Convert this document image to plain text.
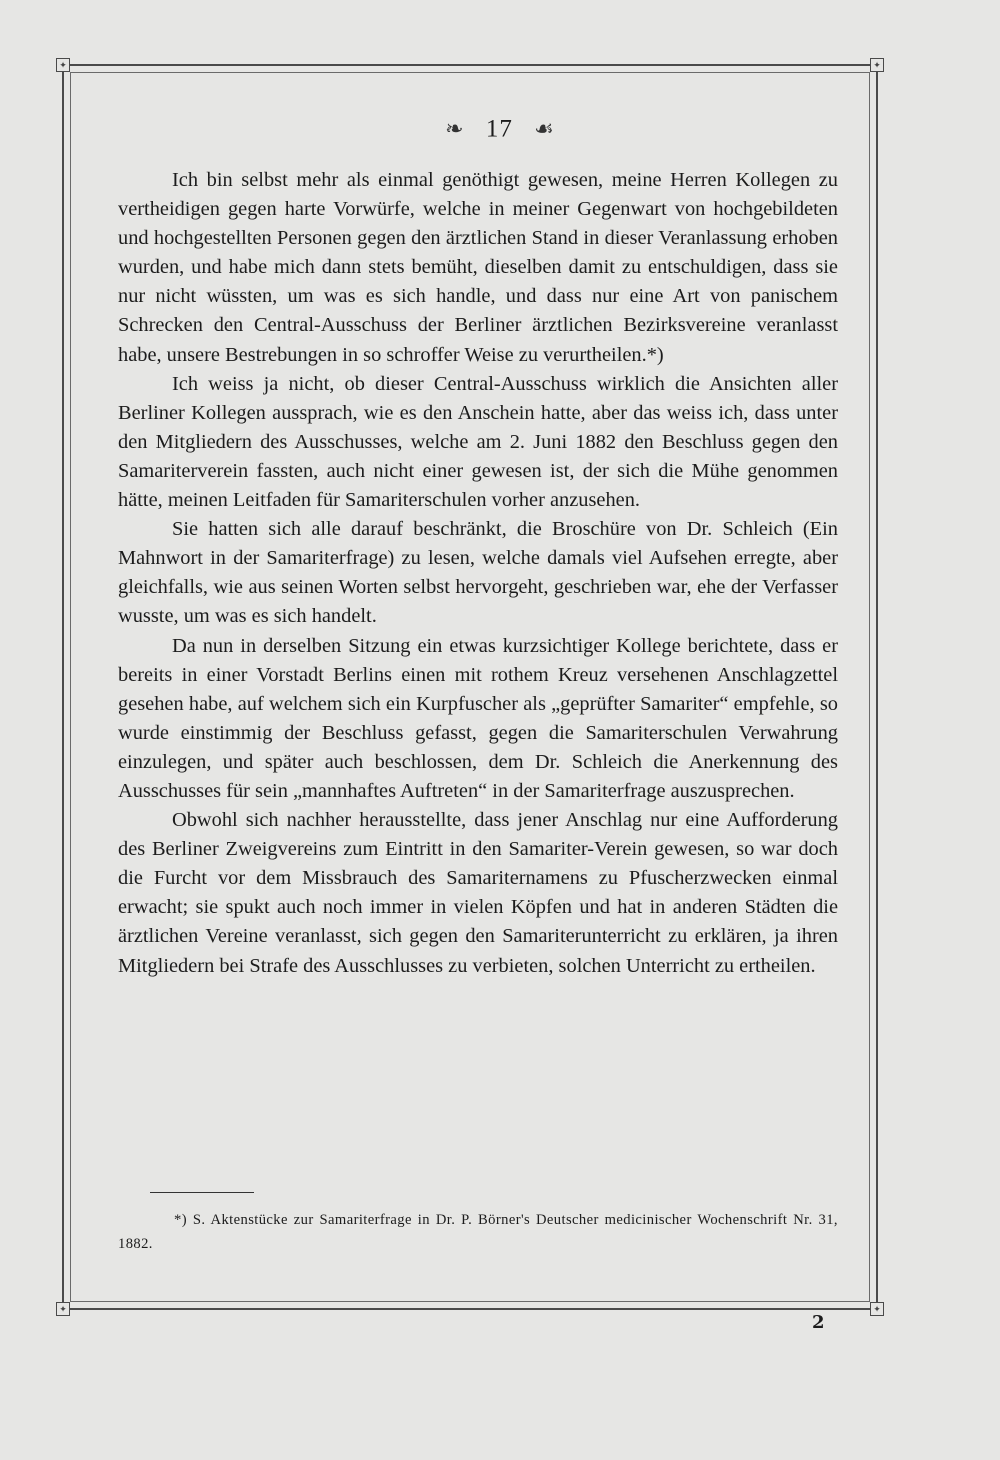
✦	✦
✦	✦
❧ 17 ☙

Ich bin selbst mehr als einmal genöthigt gewesen, meine Herren Kollegen zu vertheidigen gegen harte Vorwürfe, welche in meiner Gegenwart von hochgebildeten und hochgestellten Personen gegen den ärztlichen Stand in dieser Veranlassung erhoben wurden, und habe mich dann stets bemüht, dieselben damit zu entschuldigen, dass sie nur nicht wüssten, um was es sich handle, und dass nur eine Art von panischem Schrecken den Central-Ausschuss der Berliner ärztlichen Bezirksvereine veranlasst habe, unsere Bestrebungen in so schroffer Weise zu verurtheilen.*)

Ich weiss ja nicht, ob dieser Central-Ausschuss wirklich die Ansichten aller Berliner Kollegen aussprach, wie es den Anschein hatte, aber das weiss ich, dass unter den Mitgliedern des Ausschusses, welche am 2. Juni 1882 den Beschluss gegen den Samariterverein fassten, auch nicht einer gewesen ist, der sich die Mühe genommen hätte, meinen Leitfaden für Samariterschulen vorher anzusehen.

Sie hatten sich alle darauf beschränkt, die Broschüre von Dr. Schleich (Ein Mahnwort in der Samariterfrage) zu lesen, welche damals viel Aufsehen erregte, aber gleichfalls, wie aus seinen Worten selbst hervorgeht, geschrieben war, ehe der Verfasser wusste, um was es sich handelt.

Da nun in derselben Sitzung ein etwas kurzsichtiger Kollege berichtete, dass er bereits in einer Vorstadt Berlins einen mit rothem Kreuz versehenen Anschlagzettel gesehen habe, auf welchem sich ein Kurpfuscher als „geprüfter Samariter“ empfehle, so wurde einstimmig der Beschluss gefasst, gegen die Samariterschulen Verwahrung einzulegen, und später auch beschlossen, dem Dr. Schleich die Anerkennung des Ausschusses für sein „mannhaftes Auftreten“ in der Samariterfrage auszusprechen.

Obwohl sich nachher herausstellte, dass jener Anschlag nur eine Aufforderung des Berliner Zweigvereins zum Eintritt in den Samariter-Verein gewesen, so war doch die Furcht vor dem Missbrauch des Samariternamens zu Pfuscherzwecken einmal erwacht; sie spukt auch noch immer in vielen Köpfen und hat in anderen Städten die ärztlichen Vereine veranlasst, sich gegen den Samariterunterricht zu erklären, ja ihren Mitgliedern bei Strafe des Ausschlusses zu verbieten, solchen Unterricht zu ertheilen.

*) S. Aktenstücke zur Samariterfrage in Dr. P. Börner's Deutscher medicinischer Wochenschrift Nr. 31, 1882.
2
